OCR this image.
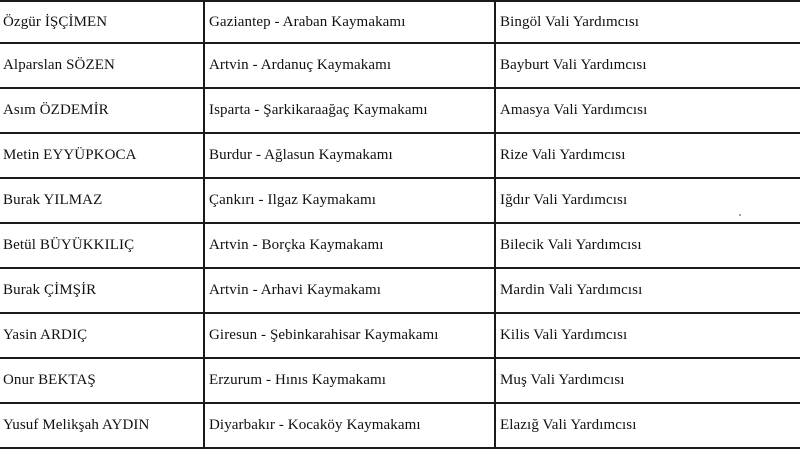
Özgür İŞÇİMEN	Gaziantep - Araban Kaymakamı	Bingöl Vali Yardımcısı
Alparslan SÖZEN	Artvin - Ardanuç Kaymakamı	Bayburt Vali Yardımcısı
Asım ÖZDEMİR	Isparta - Şarkikaraağaç Kaymakamı	Amasya Vali Yardımcısı
Metin EYYÜPKOCA	Burdur - Ağlasun Kaymakamı	Rize Vali Yardımcısı
Burak YILMAZ	Çankırı - Ilgaz Kaymakamı	Iğdır Vali Yardımcısı
Betül BÜYÜKKILIÇ	Artvin - Borçka Kaymakamı	Bilecik Vali Yardımcısı
Burak ÇİMŞİR	Artvin - Arhavi Kaymakamı	Mardin Vali Yardımcısı
Yasin ARDIÇ	Giresun - Şebinkarahisar Kaymakamı	Kilis Vali Yardımcısı
Onur BEKTAŞ	Erzurum - Hınıs Kaymakamı	Muş Vali Yardımcısı
Yusuf Melikşah AYDIN	Diyarbakır - Kocaköy Kaymakamı	Elazığ Vali Yardımcısı
